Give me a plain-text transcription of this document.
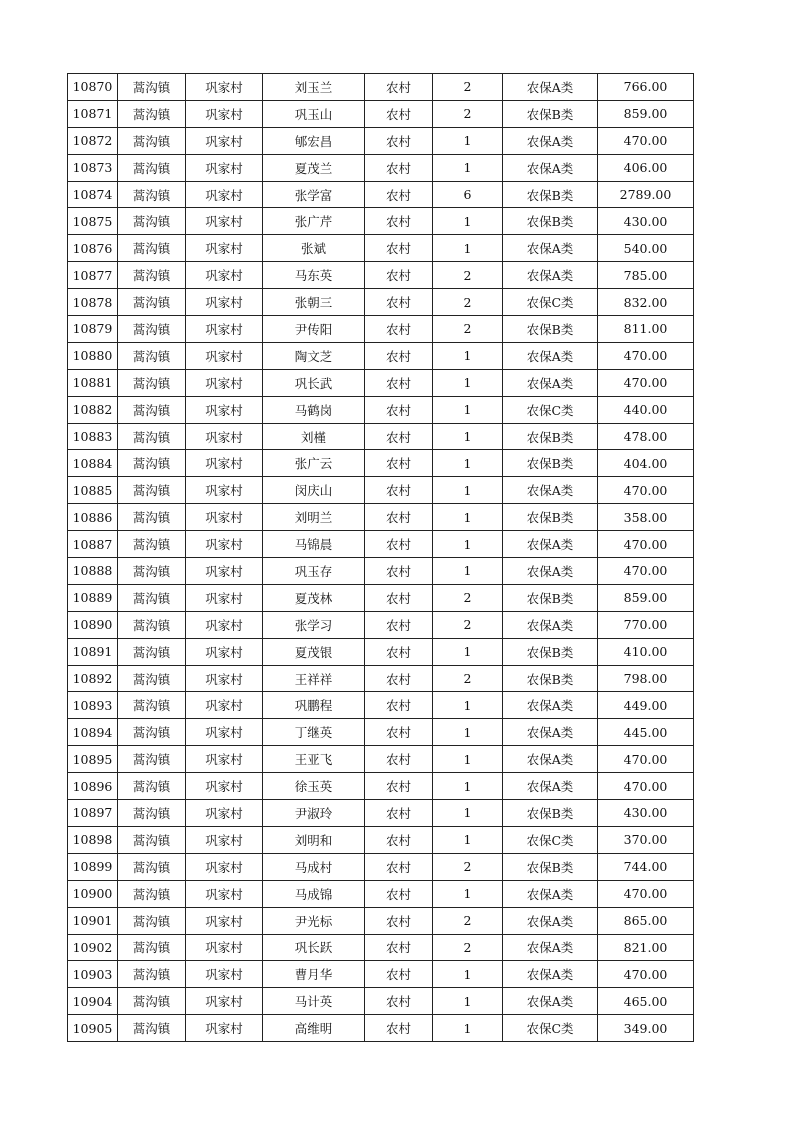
10870	蒿沟镇	巩家村	刘玉兰	农村	2	农保A类	766.00
10871	蒿沟镇	巩家村	巩玉山	农村	2	农保B类	859.00
10872	蒿沟镇	巩家村	郇宏昌	农村	1	农保A类	470.00
10873	蒿沟镇	巩家村	夏茂兰	农村	1	农保A类	406.00
10874	蒿沟镇	巩家村	张学富	农村	6	农保B类	2789.00
10875	蒿沟镇	巩家村	张广芹	农村	1	农保B类	430.00
10876	蒿沟镇	巩家村	张斌	农村	1	农保A类	540.00
10877	蒿沟镇	巩家村	马东英	农村	2	农保A类	785.00
10878	蒿沟镇	巩家村	张朝三	农村	2	农保C类	832.00
10879	蒿沟镇	巩家村	尹传阳	农村	2	农保B类	811.00
10880	蒿沟镇	巩家村	陶文芝	农村	1	农保A类	470.00
10881	蒿沟镇	巩家村	巩长武	农村	1	农保A类	470.00
10882	蒿沟镇	巩家村	马鹤岗	农村	1	农保C类	440.00
10883	蒿沟镇	巩家村	刘槿	农村	1	农保B类	478.00
10884	蒿沟镇	巩家村	张广云	农村	1	农保B类	404.00
10885	蒿沟镇	巩家村	闵庆山	农村	1	农保A类	470.00
10886	蒿沟镇	巩家村	刘明兰	农村	1	农保B类	358.00
10887	蒿沟镇	巩家村	马锦晨	农村	1	农保A类	470.00
10888	蒿沟镇	巩家村	巩玉存	农村	1	农保A类	470.00
10889	蒿沟镇	巩家村	夏茂林	农村	2	农保B类	859.00
10890	蒿沟镇	巩家村	张学习	农村	2	农保A类	770.00
10891	蒿沟镇	巩家村	夏茂银	农村	1	农保B类	410.00
10892	蒿沟镇	巩家村	王祥祥	农村	2	农保B类	798.00
10893	蒿沟镇	巩家村	巩鹏程	农村	1	农保A类	449.00
10894	蒿沟镇	巩家村	丁继英	农村	1	农保A类	445.00
10895	蒿沟镇	巩家村	王亚飞	农村	1	农保A类	470.00
10896	蒿沟镇	巩家村	徐玉英	农村	1	农保A类	470.00
10897	蒿沟镇	巩家村	尹淑玲	农村	1	农保B类	430.00
10898	蒿沟镇	巩家村	刘明和	农村	1	农保C类	370.00
10899	蒿沟镇	巩家村	马成村	农村	2	农保B类	744.00
10900	蒿沟镇	巩家村	马成锦	农村	1	农保A类	470.00
10901	蒿沟镇	巩家村	尹光标	农村	2	农保A类	865.00
10902	蒿沟镇	巩家村	巩长跃	农村	2	农保A类	821.00
10903	蒿沟镇	巩家村	曹月华	农村	1	农保A类	470.00
10904	蒿沟镇	巩家村	马计英	农村	1	农保A类	465.00
10905	蒿沟镇	巩家村	高维明	农村	1	农保C类	349.00
